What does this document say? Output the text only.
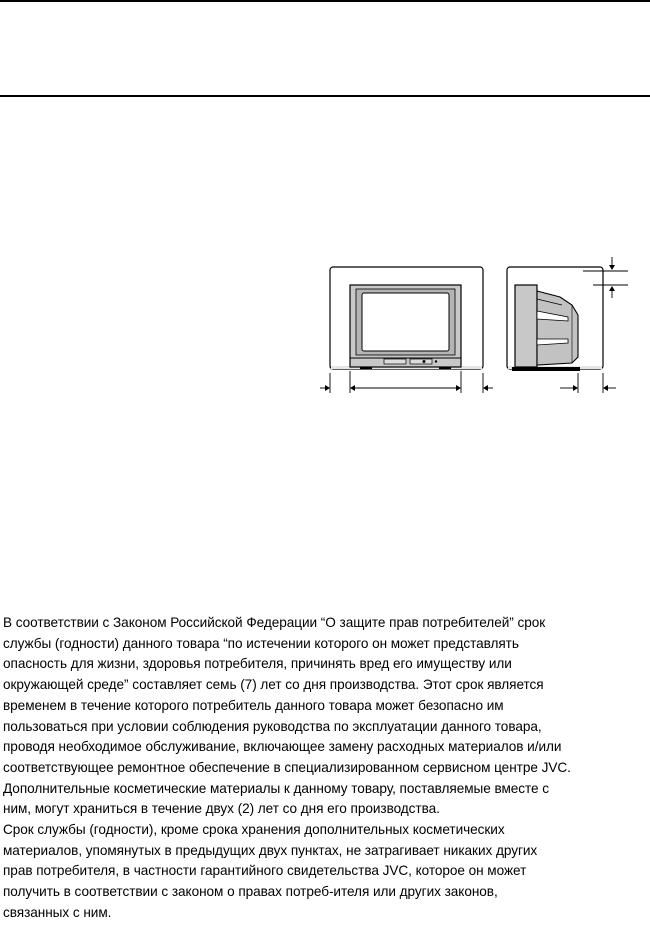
В соответствии с Законом Российской Федерации “О защите прав потребителей” срок
службы (годности) данного товара “по истечении которого он может представлять
опасность для жизни, здоровья потребителя, причинять вред его имуществу или
окружающей среде” составляет семь (7) лет со дня производства. Этот срок является
временем в течение которого потребитель данного товара может безопасно им
пользоваться при условии соблюдения руководства по эксплуатации данного товара,
проводя необходимое обслуживание, включающее замену расходных материалов и/или
соответствующее ремонтное обеспечение в специализированном сервисном центре JVC.
Дополнительные косметические материалы к данному товару, поставляемые вместе с
ним, могут храниться в течение двух (2) лет со дня его производства.

Срок службы (годности), кроме срока хранения дополнительных косметических
материалов, упомянутых в предыдущих двух пунктах, не затрагивает никаких других
прав потребителя, в частности гарантийного свидетельства JVC, которое он может
получить в соответствии с законом о правах потреб-ителя или других законов,
связанных с ним.
